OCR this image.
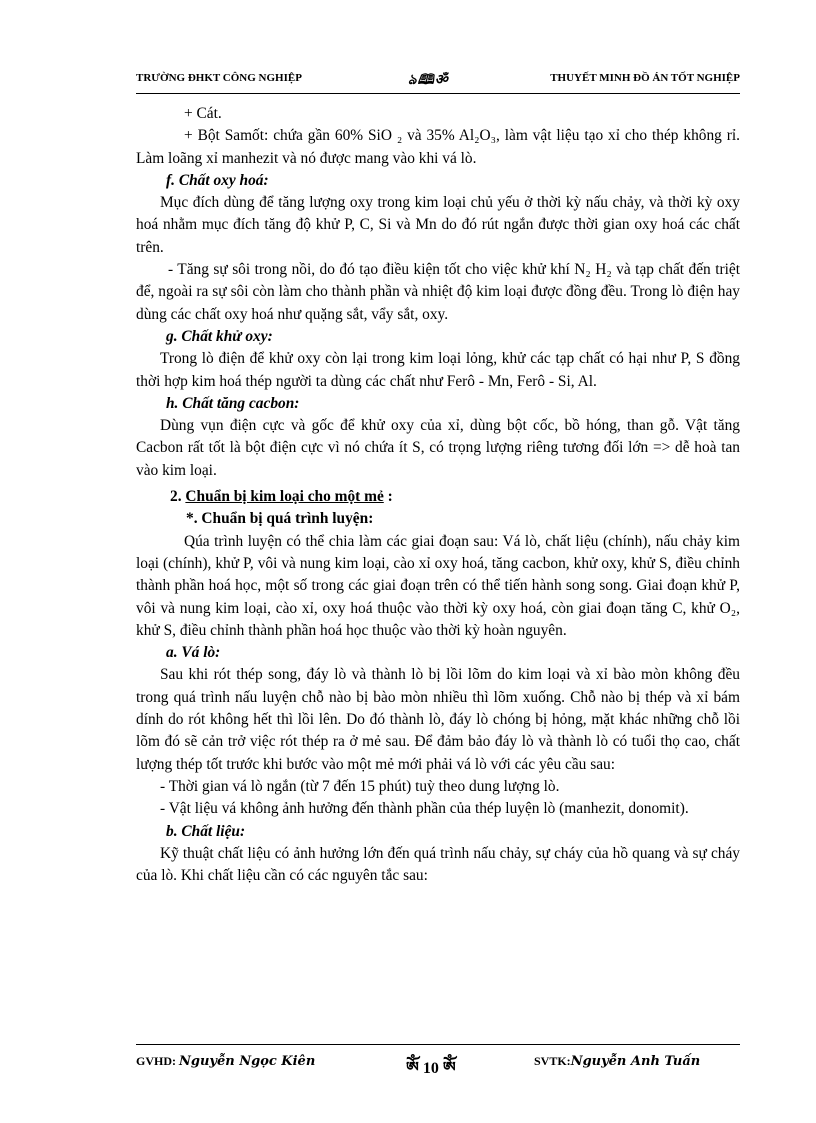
TRƯỜNG ĐHKT CÔNG NGHIỆP	ঌ🕮ॐ	THUYẾT MINH ĐỒ ÁN TỐT NGHIỆP

+ Cát.

+ Bột Samốt: chứa gần 60% SiO ₂ và 35% Al₂O₃, làm vật liệu tạo xỉ cho thép không rỉ. Làm loãng xỉ manhezit và nó được mang vào khi vá lò.

f. Chất oxy hoá:

Mục đích dùng để tăng lượng oxy trong kim loại chủ yếu ở thời kỳ nấu chảy, và thời kỳ oxy hoá nhằm mục đích tăng độ khử P, C, Si và Mn do đó rút ngắn được thời gian oxy hoá các chất trên.

- Tăng sự sôi trong nồi, do đó tạo điều kiện tốt cho việc khử khí N₂ H₂ và tạp chất đến triệt để, ngoài ra sự sôi còn làm cho thành phần và nhiệt độ kim loại được đồng đều. Trong lò điện hay dùng các chất oxy hoá như quặng sắt, vẩy sắt, oxy.

g. Chất khử oxy:

Trong lò điện để khử oxy còn lại trong kim loại lỏng, khử các tạp chất có hại như P, S đồng thời hợp kim hoá thép người ta dùng các chất như Ferô - Mn, Ferô - Si, Al.

h. Chất tăng cacbon:

Dùng vụn điện cực và gốc để khử oxy của xỉ, dùng bột cốc, bồ hóng, than gỗ. Vật tăng Cacbon rất tốt là bột điện cực vì nó chứa ít S, có trọng lượng riêng tương đối lớn => dễ hoà tan vào kim loại.

2. Chuẩn bị kim loại cho một mẻ :

*. Chuẩn bị quá trình luyện:

Qúa trình luyện có thể chia làm các giai đoạn sau: Vá lò, chất liệu (chính), nấu chảy kim loại (chính), khử P, vôi và nung kim loại, cào xỉ oxy hoá, tăng cacbon, khử oxy, khử S, điều chỉnh thành phần hoá học, một số trong các giai đoạn trên có thể tiến hành song song. Giai đoạn khử P, vôi và nung kim loại, cào xỉ, oxy hoá thuộc vào thời kỳ oxy hoá, còn giai đoạn tăng C, khử O₂, khử S, điều chỉnh thành phần hoá học thuộc vào thời kỳ hoàn nguyên.

a. Vá lò:

Sau khi rót thép song, đáy lò và thành lò bị lồi lõm do kim loại và xỉ bào mòn không đều trong quá trình nấu luyện chỗ nào bị bào mòn nhiều thì lõm xuống. Chỗ nào bị thép và xỉ bám dính do rót không hết thì lồi lên. Do đó thành lò, đáy lò chóng bị hỏng, mặt khác những chỗ lồi lõm đó sẽ cản trở việc rót thép ra ở mẻ sau. Để đảm bảo đáy lò và thành lò có tuổi thọ cao, chất lượng thép tốt trước khi bước vào một mẻ mới phải vá lò với các yêu cầu sau:

- Thời gian vá lò ngắn (từ 7 đến 15 phút) tuỳ theo dung lượng lò.

- Vật liệu vá không ảnh hưởng đến thành phần của thép luyện lò (manhezit, donomit).

b. Chất liệu:

Kỹ thuật chất liệu có ảnh hưởng lớn đến quá trình nấu chảy, sự cháy của hồ quang và sự cháy của lò. Khi chất liệu cần có các nguyên tắc sau:

GVHD: Nguyễn Ngọc Kiên	ༀ 10 ༀ	SVTK:Nguyễn Anh Tuấn
